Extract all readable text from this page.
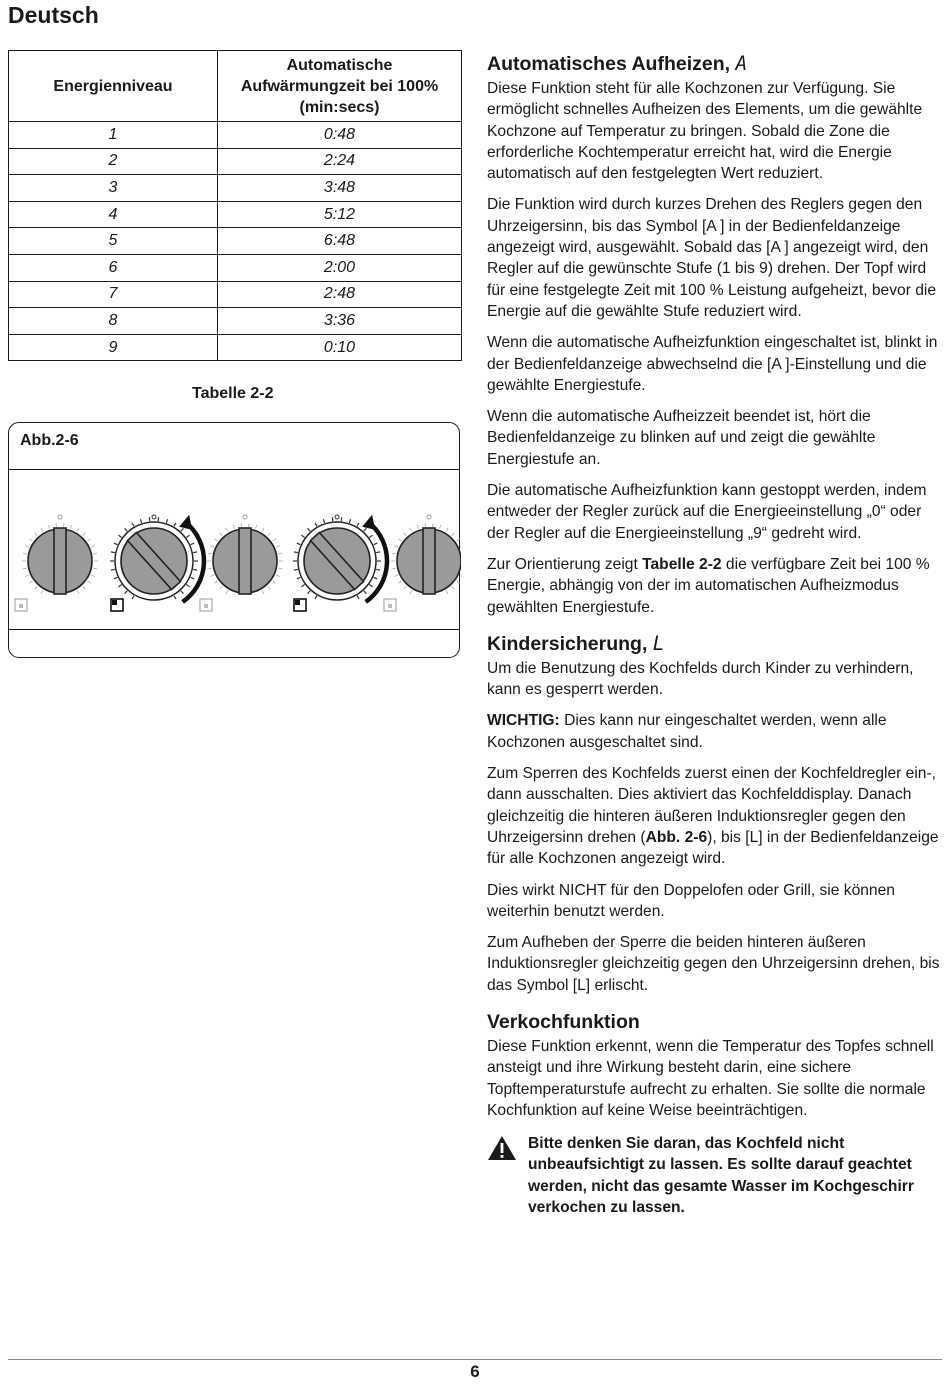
Deutsch
Energienniveau	Automatische Aufwärmungzeit bei 100% (min:secs)
1	0:48
2	2:24
3	3:48
4	5:12
5	6:48
6	2:00
7	2:48
8	3:36
9	0:10
Tabelle 2-2
Abb.2-6
Automatisches Aufheizen, A

Diese Funktion steht für alle Kochzonen zur Verfügung. Sie ermöglicht schnelles Aufheizen des Elements, um die gewählte Kochzone auf Temperatur zu bringen. Sobald die Zone die erforderliche Kochtemperatur erreicht hat, wird die Energie automatisch auf den festgelegten Wert reduziert.

Die Funktion wird durch kurzes Drehen des Reglers gegen den Uhrzeigersinn, bis das Symbol [A ] in der Bedienfeldanzeige angezeigt wird, ausgewählt. Sobald das [A ] angezeigt wird, den Regler auf die gewünschte Stufe (1 bis 9) drehen. Der Topf wird für eine festgelegte Zeit mit 100 % Leistung aufgeheizt, bevor die Energie auf die gewählte Stufe reduziert wird.

Wenn die automatische Aufheizfunktion eingeschaltet ist, blinkt in der Bedienfeldanzeige abwechselnd die [A ]-Einstellung und die gewählte Energiestufe.

Wenn die automatische Aufheizzeit beendet ist, hört die Bedienfeldanzeige zu blinken auf und zeigt die gewählte Energiestufe an.

Die automatische Aufheizfunktion kann gestoppt werden, indem entweder der Regler zurück auf die Energieeinstellung „0“ oder der Regler auf die Energieeinstellung „9“ gedreht wird.

Zur Orientierung zeigt Tabelle 2-2 die verfügbare Zeit bei 100 % Energie, abhängig von der im automatischen Aufheizmodus gewählten Energiestufe.

Kindersicherung, L

Um die Benutzung des Kochfelds durch Kinder zu verhindern, kann es gesperrt werden.

WICHTIG: Dies kann nur eingeschaltet werden, wenn alle Kochzonen ausgeschaltet sind.

Zum Sperren des Kochfelds zuerst einen der Kochfeldregler ein-, dann ausschalten. Dies aktiviert das Kochfelddisplay. Danach gleichzeitig die hinteren äußeren Induktionsregler gegen den Uhrzeigersinn drehen (Abb. 2-6), bis [L] in der Bedienfeldanzeige für alle Kochzonen angezeigt wird.

Dies wirkt NICHT für den Doppelofen oder Grill, sie können weiterhin benutzt werden.

Zum Aufheben der Sperre die beiden hinteren äußeren Induktionsregler gleichzeitig gegen den Uhrzeigersinn drehen, bis das Symbol [L] erlischt.

Verkochfunktion

Diese Funktion erkennt, wenn die Temperatur des Topfes schnell ansteigt und ihre Wirkung besteht darin, eine sichere Topftemperaturstufe aufrecht zu erhalten. Sie sollte die normale Kochfunktion auf keine Weise beeinträchtigen.

Bitte denken Sie daran, das Kochfeld nicht unbeaufsichtigt zu lassen. Es sollte darauf geachtet werden, nicht das gesamte Wasser im Kochgeschirr verkochen zu lassen.
6
